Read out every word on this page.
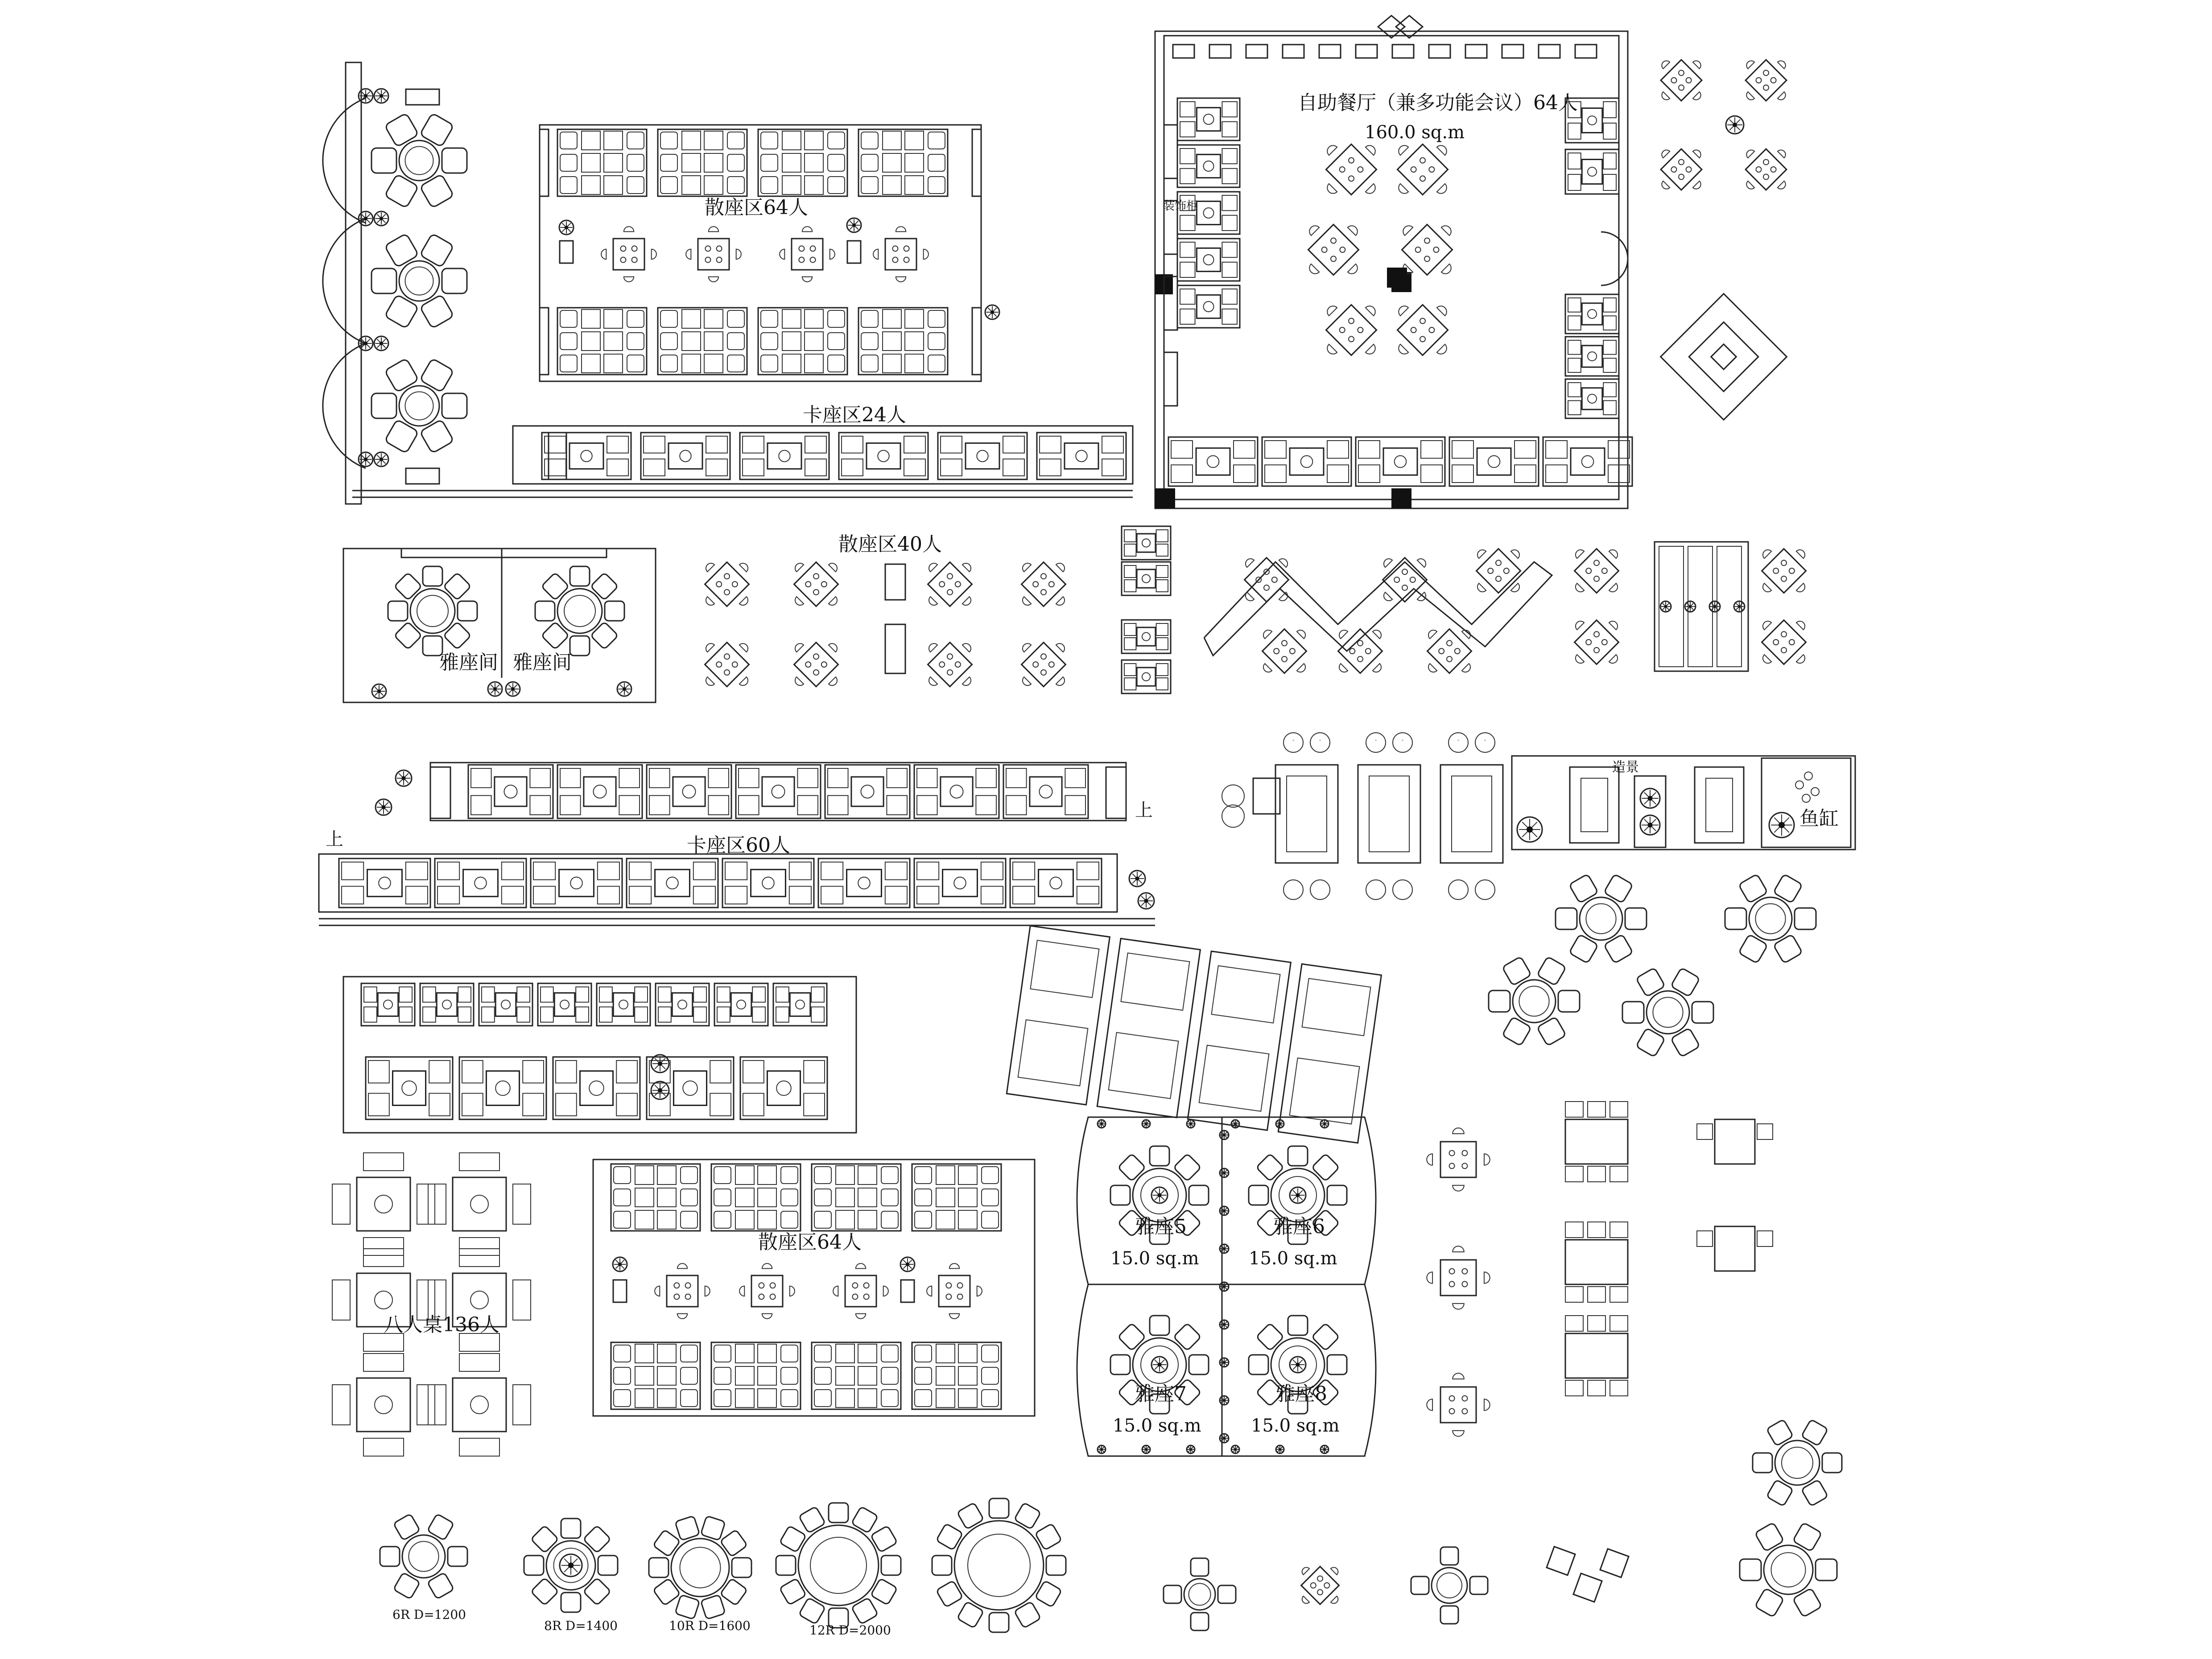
散座区64人
卡座区24人
自助餐厅（兼多功能会议）64人
160.0 sq.m
装饰柜
雅座间 雅座间
散座区40人
卡座区60人
上
上
造景
鱼缸
八人桌136人
散座区64人
雅座5
15.0 sq.m
雅座6
15.0 sq.m
雅座7
15.0 sq.m
雅座8
15.0 sq.m
6R D=1200
8R D=1400	10R D=1600	12R D=2000
